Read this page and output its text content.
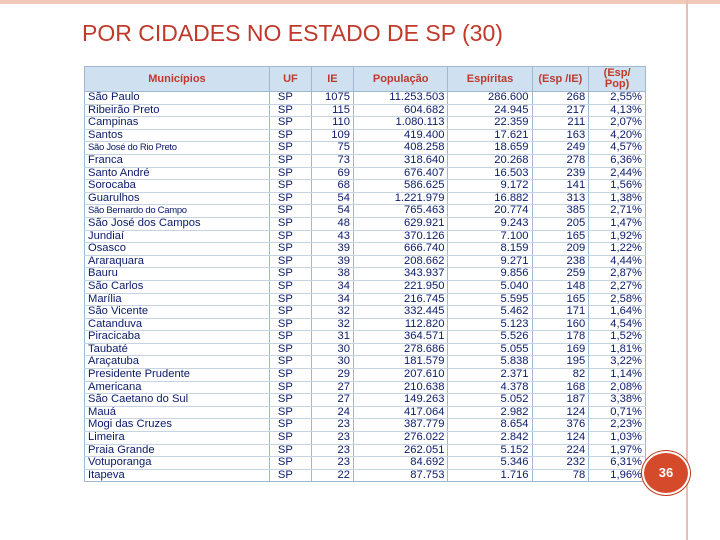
POR CIDADES NO ESTADO DE SP (30)
Municípios	UF	IE	População	Espíritas	(Esp /IE)	(Esp/ Pop)
São Paulo	SP	1075	11.253.503	286.600	268	2,55%
Ribeirão Preto	SP	115	604.682	24.945	217	4,13%
Campinas	SP	110	1.080.113	22.359	211	2,07%
Santos	SP	109	419.400	17.621	163	4,20%
São José do Rio Preto	SP	75	408.258	18.659	249	4,57%
Franca	SP	73	318.640	20.268	278	6,36%
Santo André	SP	69	676.407	16.503	239	2,44%
Sorocaba	SP	68	586.625	9.172	141	1,56%
Guarulhos	SP	54	1.221.979	16.882	313	1,38%
São Bernardo do Campo	SP	54	765.463	20.774	385	2,71%
São José dos Campos	SP	48	629.921	9.243	205	1,47%
Jundiaí	SP	43	370.126	7.100	165	1,92%
Osasco	SP	39	666.740	8.159	209	1,22%
Araraquara	SP	39	208.662	9.271	238	4,44%
Bauru	SP	38	343.937	9.856	259	2,87%
São Carlos	SP	34	221.950	5.040	148	2,27%
Marília	SP	34	216.745	5.595	165	2,58%
São Vicente	SP	32	332.445	5.462	171	1,64%
Catanduva	SP	32	112.820	5.123	160	4,54%
Piracicaba	SP	31	364.571	5.526	178	1,52%
Taubaté	SP	30	278.686	5.055	169	1,81%
Araçatuba	SP	30	181.579	5.838	195	3,22%
Presidente Prudente	SP	29	207.610	2.371	82	1,14%
Americana	SP	27	210.638	4.378	168	2,08%
São Caetano do Sul	SP	27	149.263	5.052	187	3,38%
Mauá	SP	24	417.064	2.982	124	0,71%
Mogi das Cruzes	SP	23	387.779	8.654	376	2,23%
Limeira	SP	23	276.022	2.842	124	1,03%
Praia Grande	SP	23	262.051	5.152	224	1,97%
Votuporanga	SP	23	84.692	5.346	232	6,31%
Itapeva	SP	22	87.753	1.716	78	1,96%	36
